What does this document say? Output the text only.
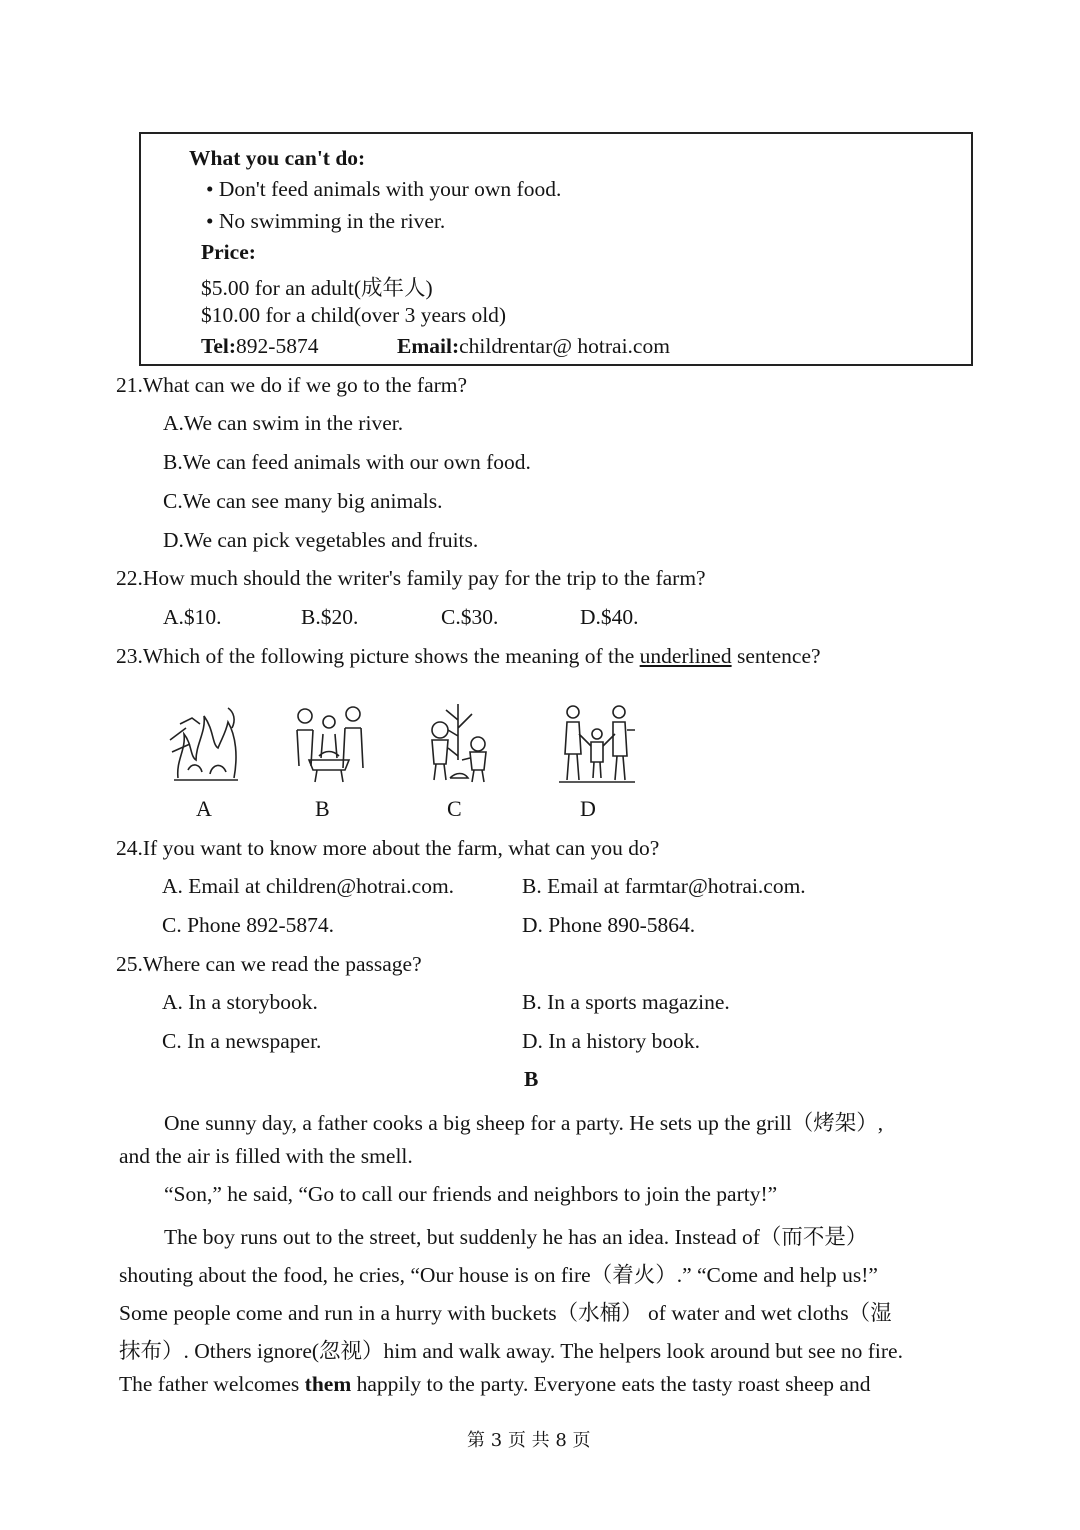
What you can't do:
• Don't feed animals with your own food.
• No swimming in the river.
Price:
$5.00 for an adult(成年人)
$10.00 for a child(over 3 years old)
Tel:892-5874	Email:childrentar@ hotrai.com
21.What can we do if we go to the farm?
A.We can swim in the river.
B.We can feed animals with our own food.
C.We can see many big animals.
D.We can pick vegetables and fruits.
22.How much should the writer's family pay for the trip to the farm?
A.$10.	B.$20.	C.$30.	D.$40.
23.Which of the following picture shows the meaning of the underlined sentence?
A	B	C	D
24.If you want to know more about the farm, what can you do?
A. Email at children@hotrai.com.	B. Email at farmtar@hotrai.com.
C. Phone 892-5874.	D. Phone 890-5864.
25.Where can we read the passage?
A. In a storybook.	B. In a sports magazine.
C. In a newspaper.	D. In a history book.
B
One sunny day, a father cooks a big sheep for a party. He sets up the grill（烤架）,
and the air is filled with the smell.
“Son,” he said, “Go to call our friends and neighbors to join the party!”
The boy runs out to the street, but suddenly he has an idea. Instead of（而不是）
shouting about the food, he cries, “Our house is on fire（着火）.” “Come and help us!”
Some people come and run in a hurry with buckets（水桶） of water and wet cloths（湿
抹布）. Others ignore(忽视）him and walk away. The helpers look around but see no fire.
The father welcomes them happily to the party. Everyone eats the tasty roast sheep and
第 3 页 共 8 页
